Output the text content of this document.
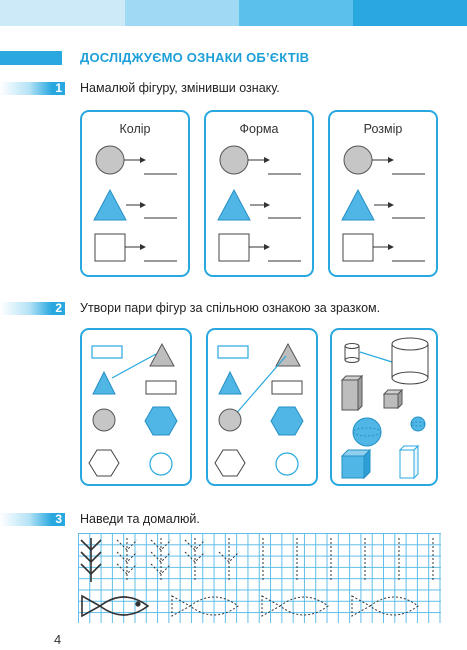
ДОСЛІДЖУЄМО ОЗНАКИ ОБ’ЄКТІВ
1 Намалюй фігуру, змінивши ознаку.
Колір	Форма	Розмір
2 Утвори пари фігур за спільною ознакою за зразком.
3 Наведи та домалюй.
4
